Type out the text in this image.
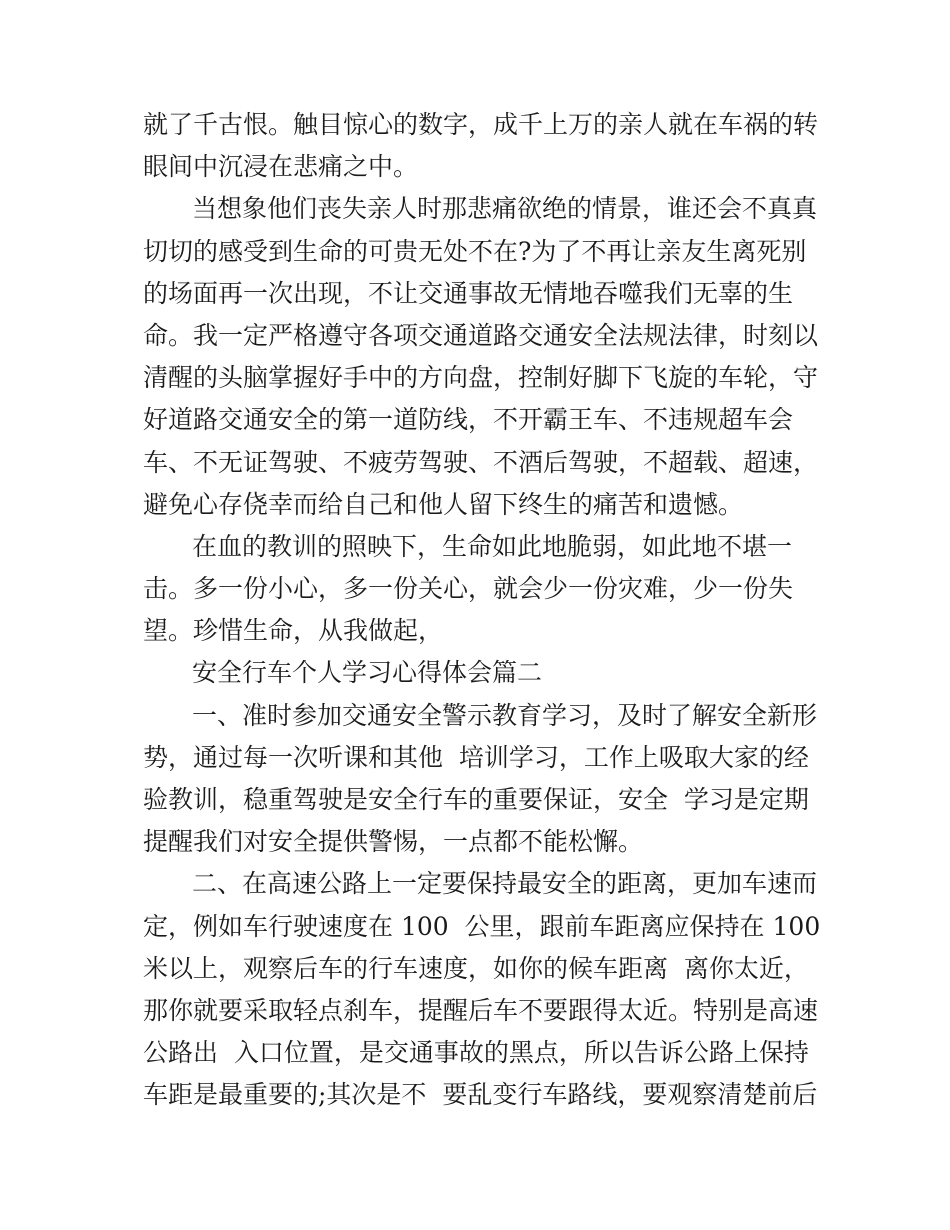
就了千古恨。触目惊心的数字，成千上万的亲人就在车祸的转
眼间中沉浸在悲痛之中。
当想象他们丧失亲人时那悲痛欲绝的情景，谁还会不真真
切切的感受到生命的可贵无处不在?为了不再让亲友生离死别
的场面再一次出现，不让交通事故无情地吞噬我们无辜的生
命。我一定严格遵守各项交通道路交通安全法规法律，时刻以
清醒的头脑掌握好手中的方向盘，控制好脚下飞旋的车轮，守
好道路交通安全的第一道防线，不开霸王车、不违规超车会
车、不无证驾驶、不疲劳驾驶、不酒后驾驶，不超载、超速，
避免心存侥幸而给自己和他人留下终生的痛苦和遗憾。
在血的教训的照映下，生命如此地脆弱，如此地不堪一
击。多一份小心，多一份关心，就会少一份灾难，少一份失
望。珍惜生命，从我做起，
安全行车个人学习心得体会篇二
一、准时参加交通安全警示教育学习，及时了解安全新形
势，通过每一次听课和其他  培训学习，工作上吸取大家的经
验教训，稳重驾驶是安全行车的重要保证，安全  学习是定期
提醒我们对安全提供警惕，一点都不能松懈。
二、在高速公路上一定要保持最安全的距离，更加车速而
定，例如车行驶速度在 100  公里，跟前车距离应保持在 100
米以上，观察后车的行车速度，如你的候车距离  离你太近，
那你就要采取轻点刹车，提醒后车不要跟得太近。特别是高速
公路出  入口位置，是交通事故的黑点，所以告诉公路上保持
车距是最重要的;其次是不  要乱变行车路线，要观察清楚前后
